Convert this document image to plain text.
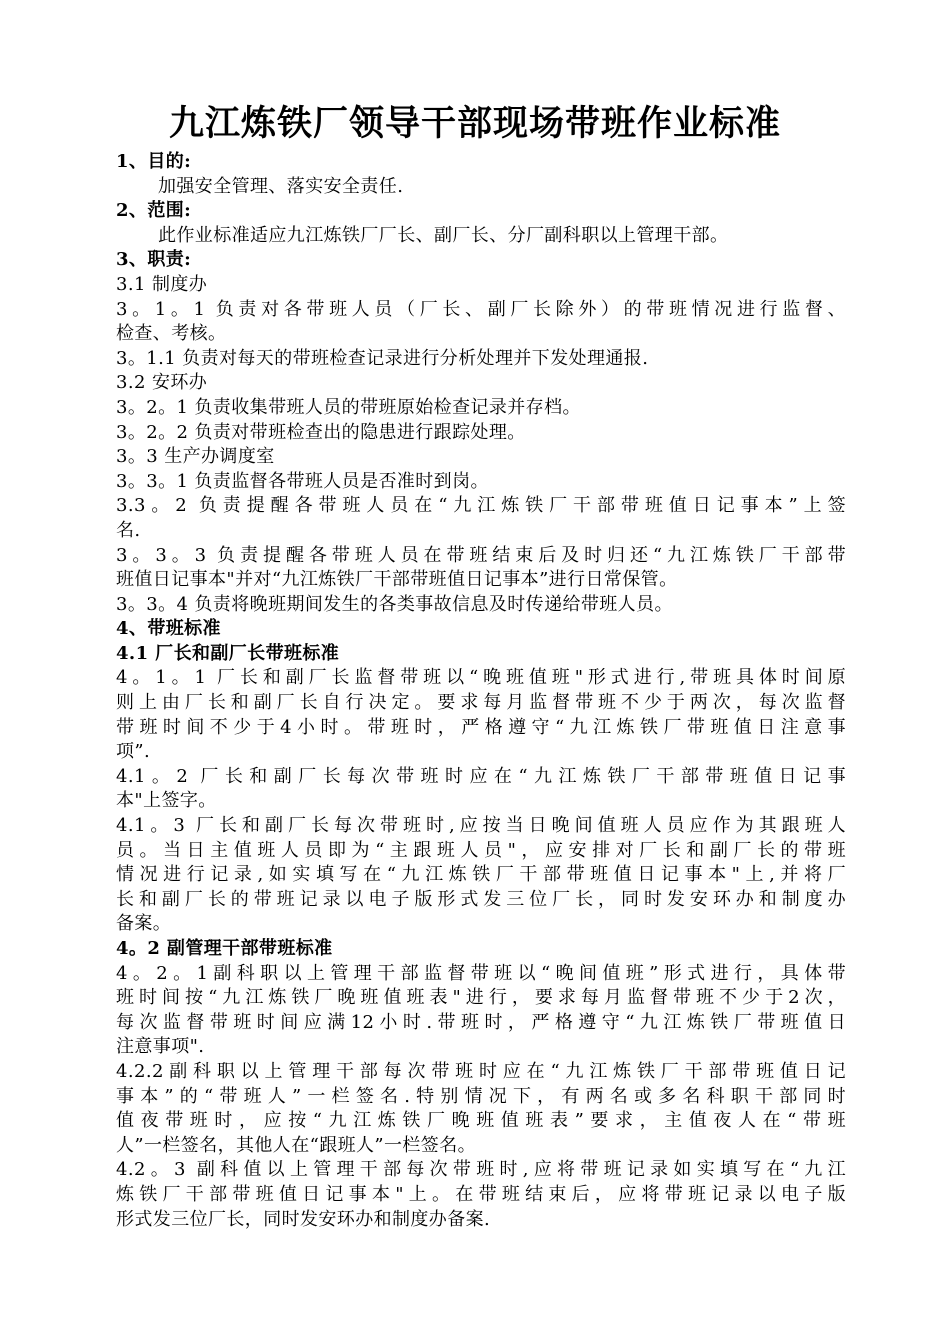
九江炼铁厂领导干部现场带班作业标准

1、目的:

加强安全管理、落实安全责任.

2、范围:

此作业标准适应九江炼铁厂厂长、副厂长、分厂副科职以上管理干部。

3、职责:

3.1 制度办

3。1。1 负责对各带班人员（厂长、副厂长除外）的带班情况进行监督、

检查、考核。

3。1.1 负责对每天的带班检查记录进行分析处理并下发处理通报.

3.2 安环办

3。2。1 负责收集带班人员的带班原始检查记录并存档。

3。2。2 负责对带班检查出的隐患进行跟踪处理。

3。3 生产办调度室

3。3。1 负责监督各带班人员是否准时到岗。

3.3。2 负责提醒各带班人员在“九江炼铁厂干部带班值日记事本”上签

名.

3。3。3 负责提醒各带班人员在带班结束后及时归还“九江炼铁厂干部带

班值日记事本"并对“九江炼铁厂干部带班值日记事本”进行日常保管。

3。3。4 负责将晚班期间发生的各类事故信息及时传递给带班人员。

4、带班标准

4.1 厂长和副厂长带班标准

4。1。1 厂长和副厂长监督带班以“晚班值班"形式进行,带班具体时间原

则上由厂长和副厂长自行决定。要求每月监督带班不少于两次，每次监督

带班时间不少于4小时。带班时，严格遵守“九江炼铁厂带班值日注意事

项”.

4.1。2 厂长和副厂长每次带班时应在“九江炼铁厂干部带班值日记事

本"上签字。

4.1。3 厂长和副厂长每次带班时,应按当日晚间值班人员应作为其跟班人

员。当日主值班人员即为“主跟班人员"，应安排对厂长和副厂长的带班

情况进行记录,如实填写在“九江炼铁厂干部带班值日记事本"上,并将厂

长和副厂长的带班记录以电子版形式发三位厂长，同时发安环办和制度办

备案。

4。2 副管理干部带班标准

4。2。1副科职以上管理干部监督带班以“晚间值班”形式进行，具体带

班时间按“九江炼铁厂晚班值班表"进行，要求每月监督带班不少于2次，

每次监督带班时间应满12小时.带班时，严格遵守“九江炼铁厂带班值日

注意事项".

4.2.2副科职以上管理干部每次带班时应在“九江炼铁厂干部带班值日记

事本”的“带班人”一栏签名.特别情况下，有两名或多名科职干部同时

值夜带班时，应按“九江炼铁厂晚班值班表”要求，主值夜人在“带班

人”一栏签名，其他人在“跟班人”一栏签名。

4.2。3 副科值以上管理干部每次带班时,应将带班记录如实填写在“九江

炼铁厂干部带班值日记事本"上。在带班结束后，应将带班记录以电子版

形式发三位厂长，同时发安环办和制度办备案.
